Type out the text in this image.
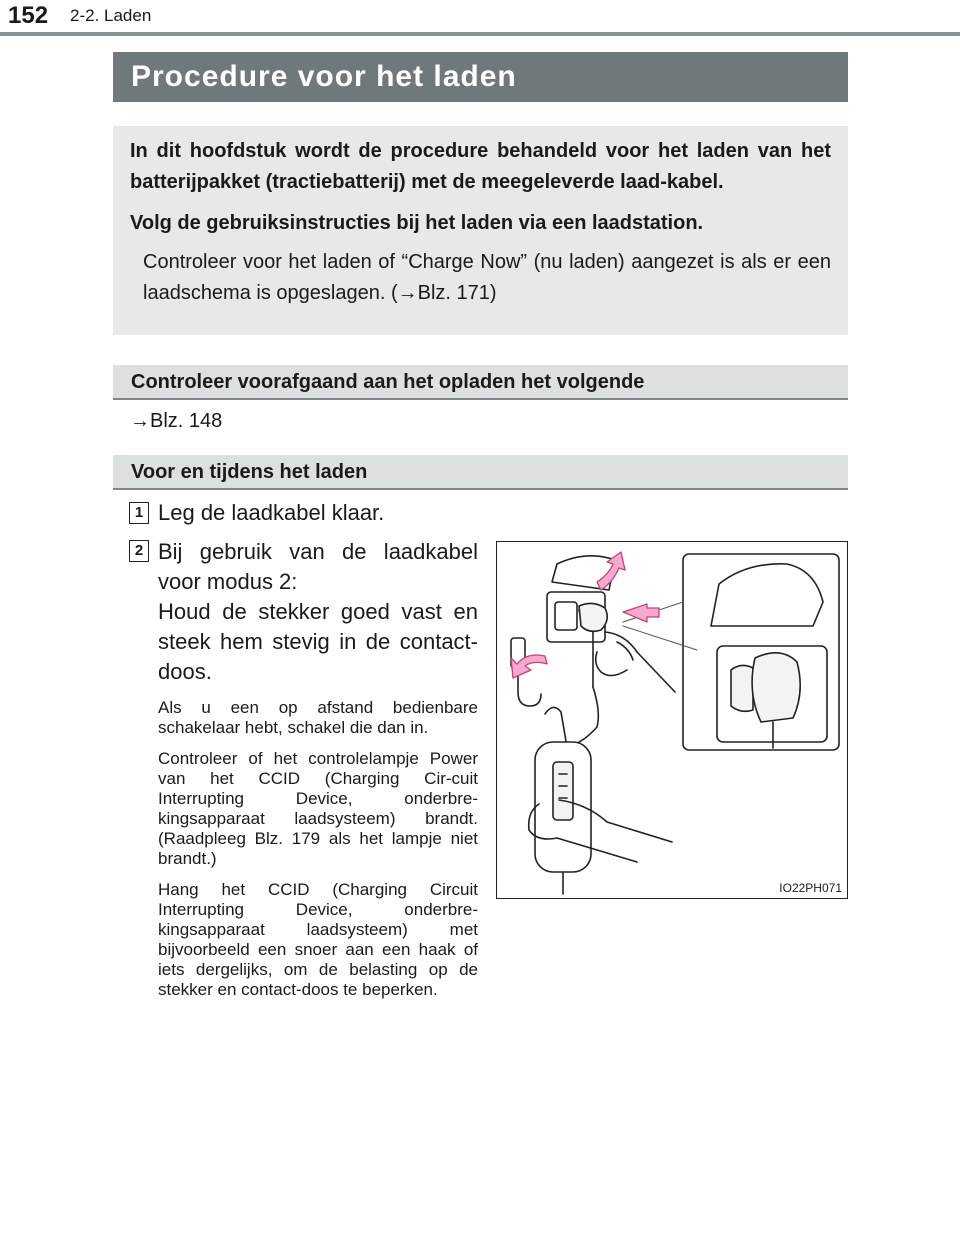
152 2-2. Laden
Procedure voor het laden

In dit hoofdstuk wordt de procedure behandeld voor het laden van het batterijpakket (tractiebatterij) met de meegeleverde laad-kabel.

Volg de gebruiksinstructies bij het laden via een laadstation.

Controleer voor het laden of “Charge Now” (nu laden) aangezet is als er een laadschema is opgeslagen. (→Blz. 171)

Controleer voorafgaand aan het opladen het volgende
→Blz. 148
Voor en tijdens het laden
1 Leg de laadkabel klaar.
2 Bij gebruik van de laadkabel voor modus 2:

Houd de stekker goed vast en steek hem stevig in de contact-doos.

Als u een op afstand bedienbare schakelaar hebt, schakel die dan in.

Controleer of het controlelampje Power van het CCID (Charging Cir-cuit Interrupting Device, onderbre-kingsapparaat laadsysteem) brandt. (Raadpleeg Blz. 179 als het lampje niet brandt.)

Hang het CCID (Charging Circuit Interrupting Device, onderbre-kingsapparaat laadsysteem) met bijvoorbeeld een snoer aan een haak of iets dergelijks, om de belasting op de stekker en contact-doos te beperken.

IO22PH071
